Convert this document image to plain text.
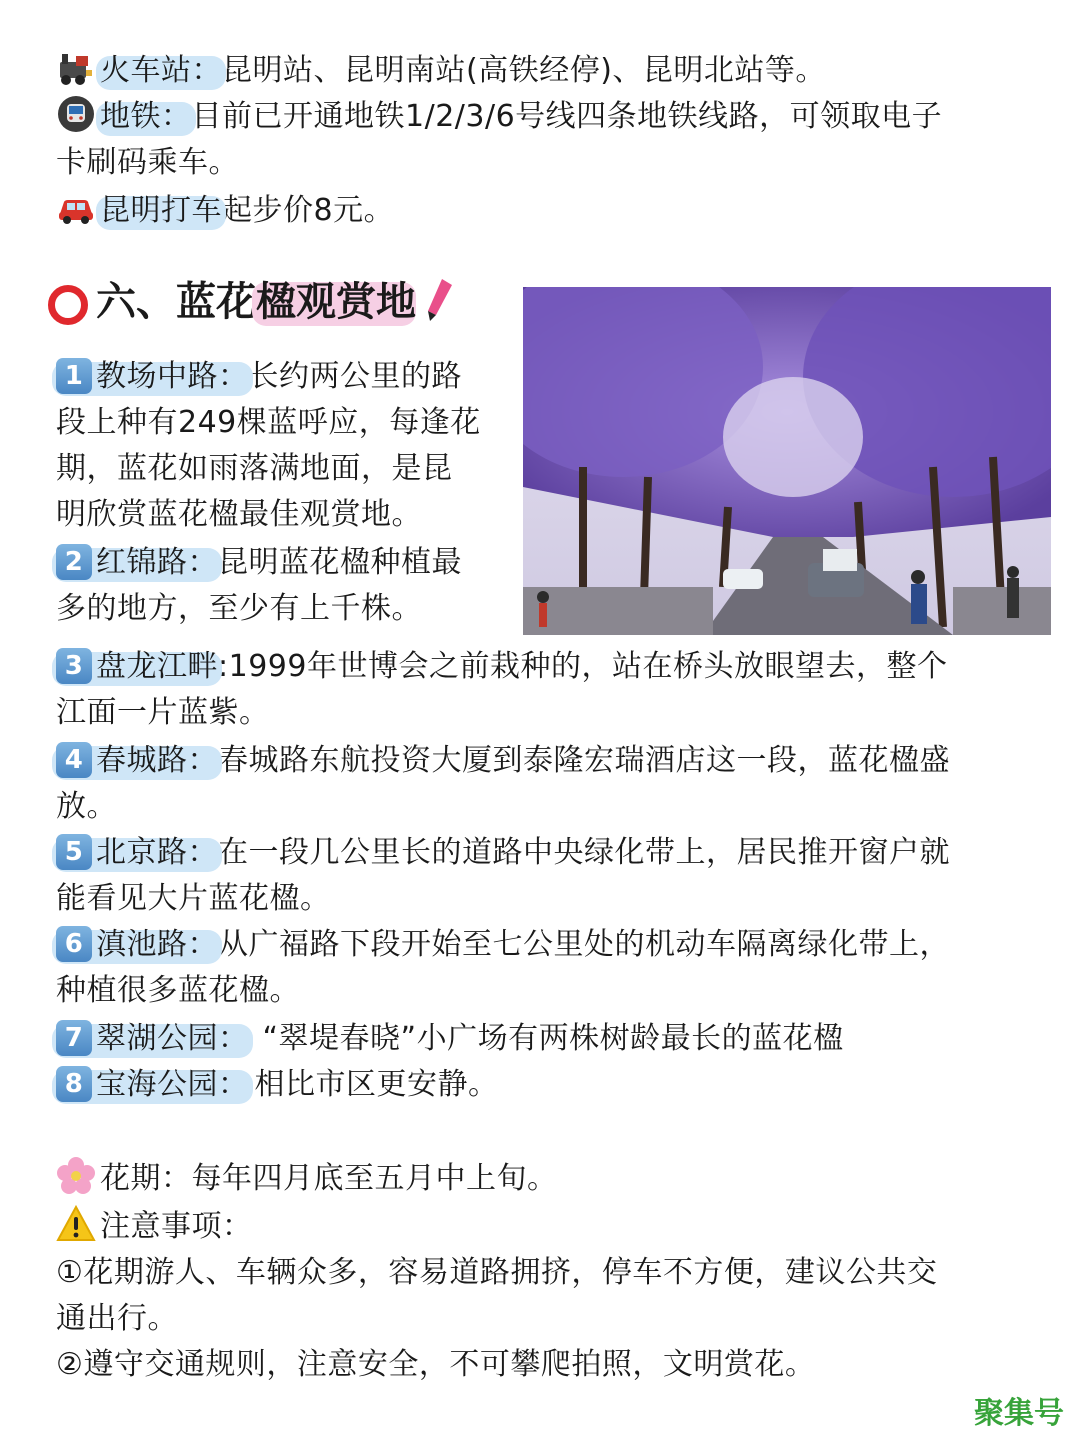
火车站：昆明站、昆明南站(高铁经停)、昆明北站等。
地铁：目前已开通地铁1/2/3/6号线四条地铁线路，可领取电子
卡刷码乘车。
昆明打车起步价8元。
六、蓝花楹观赏地
1 教场中路：长约两公里的路
段上种有249棵蓝呼应，每逢花
期，蓝花如雨落满地面，是昆
明欣赏蓝花楹最佳观赏地。
2 红锦路：昆明蓝花楹种植最
多的地方，至少有上千株。
3 盘龙江畔:1999年世博会之前栽种的，站在桥头放眼望去，整个
江面一片蓝紫。
4 春城路：春城路东航投资大厦到泰隆宏瑞酒店这一段，蓝花楹盛
放。
5 北京路：在一段几公里长的道路中央绿化带上，居民推开窗户就
能看见大片蓝花楹。
6 滇池路：从广福路下段开始至七公里处的机动车隔离绿化带上，
种植很多蓝花楹。
7 翠湖公园： “翠堤春晓”小广场有两株树龄最长的蓝花楹
8 宝海公园： 相比市区更安静。
花期：每年四月底至五月中上旬。
注意事项：
①花期游人、车辆众多，容易道路拥挤，停车不方便，建议公共交
通出行。
②遵守交通规则，注意安全，不可攀爬拍照，文明赏花。
聚集号
